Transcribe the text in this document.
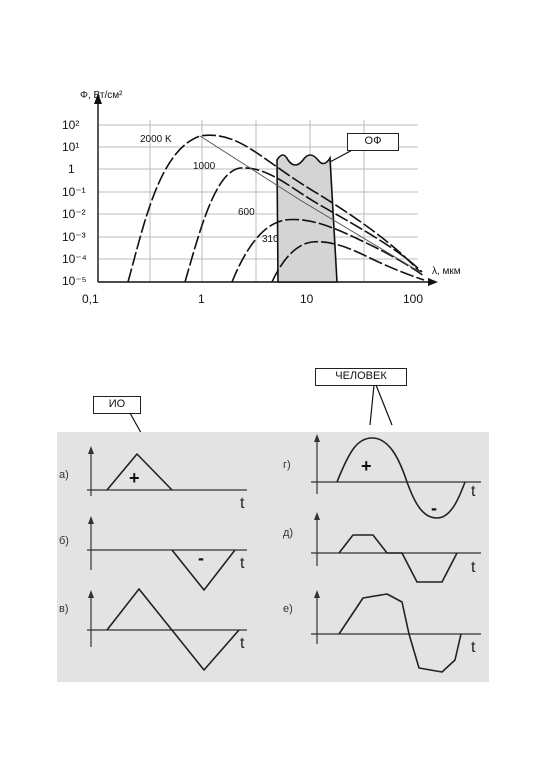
10²
10¹
1
10⁻¹
10⁻²
10⁻³
10⁻⁴
10⁻⁵
0,1	1	10	100
Φ, Вт/см²
λ, мкм
2000 K
1000
600
310
ОФ
ИО
ЧЕЛОВЕК
а)	+
t
б)
- t
в)
t
г)	+
-
t
д)
t
е)
t
